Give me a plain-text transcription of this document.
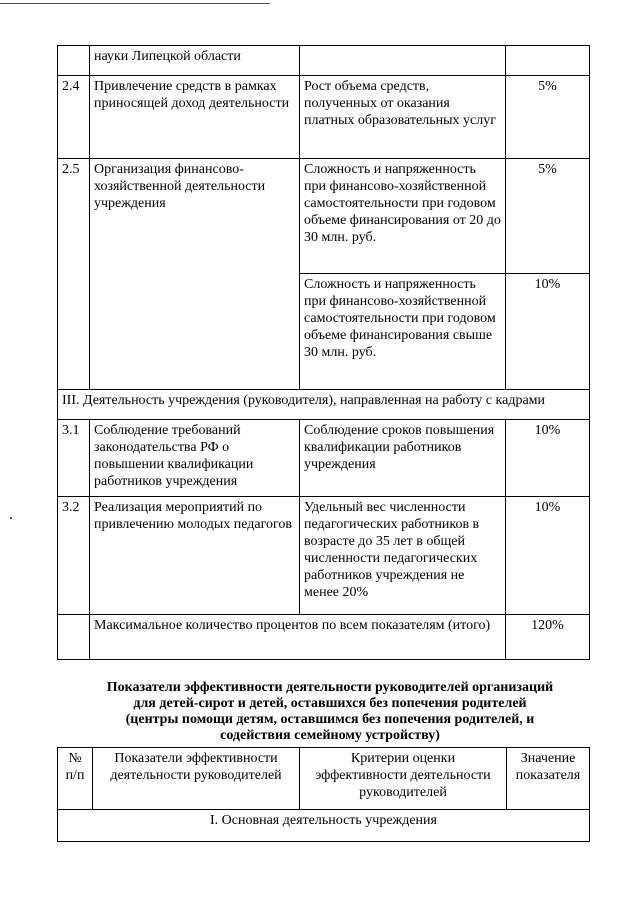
	науки Липецкой области		
2.4	Привлечение средств в рамках приносящей доход деятельности	Рост объема средств, полученных от оказания платных образовательных услуг	5%
2.5	Организация финансово-хозяйственной деятельности учреждения	Сложность и напряженность при финансово-хозяйственной самостоятельности при годовом объеме финансирования от 20 до 30 млн. руб.	5%
		Сложность и напряженность при финансово-хозяйственной самостоятельности при годовом объеме финансирования свыше 30 млн. руб.	10%
III. Деятельность учреждения (руководителя), направленная на работу с кадрами			
3.1	Соблюдение требований законодательства РФ о повышении квалификации работников учреждения	Соблюдение сроков повышения квалификации работников учреждения	10%
3.2	Реализация мероприятий по привлечению молодых педагогов	Удельный вес численности педагогических работников в возрасте до 35 лет в общей численности педагогических работников учреждения не менее 20%	10%
	Максимальное количество процентов по всем показателям (итого)		120%
Показатели эффективности деятельности руководителей организаций
для детей-сирот и детей, оставшихся без попечения родителей
(центры помощи детям, оставшимся без попечения родителей, и
содействия семейному устройству)
№ п/п	Показатели эффективности деятельности руководителей	Критерии оценки эффективности деятельности руководителей	Значение показателя
I. Основная деятельность учреждения
